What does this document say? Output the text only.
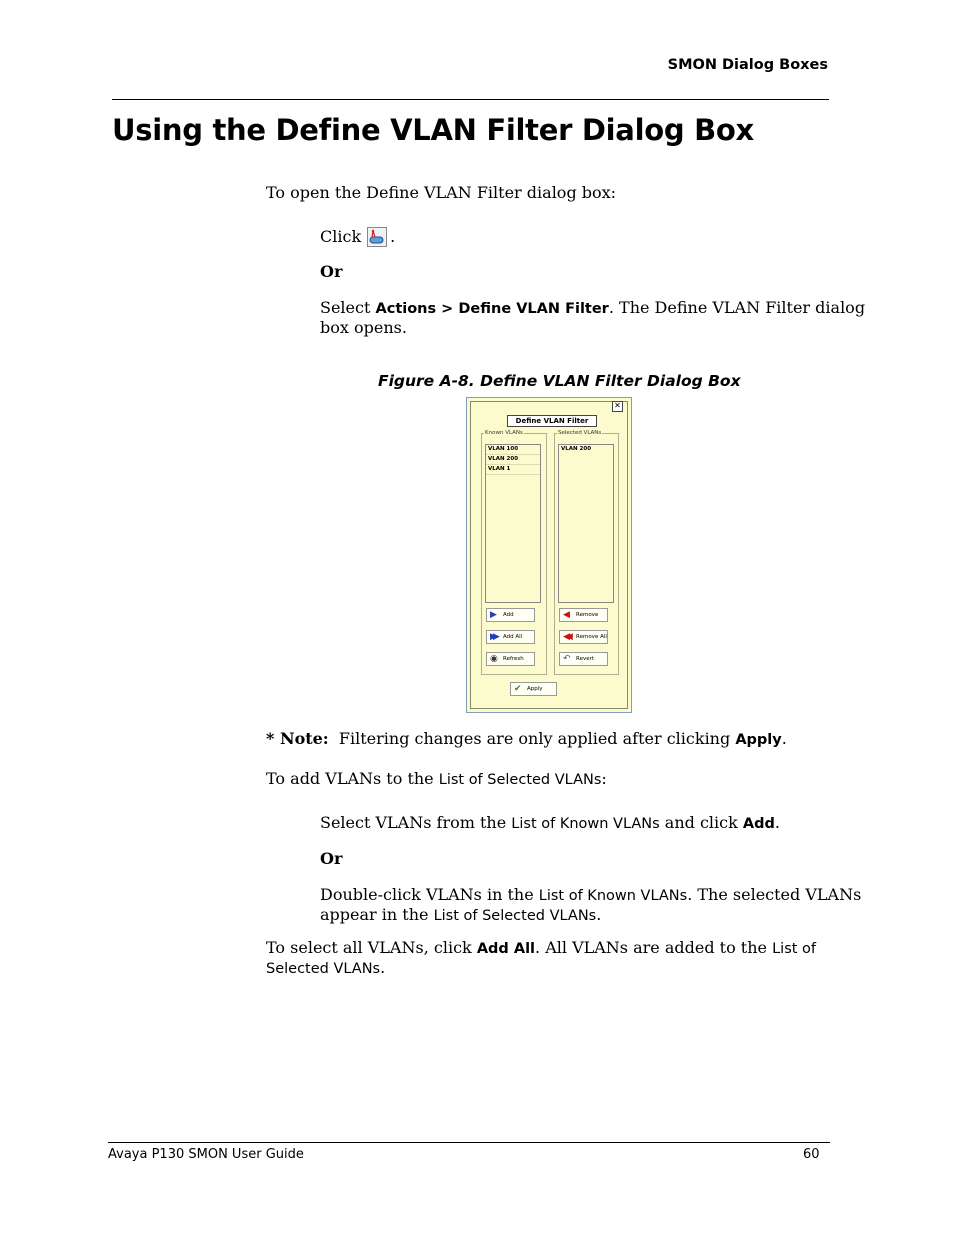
SMON Dialog Boxes
Using the Define VLAN Filter Dialog Box
To open the Define VLAN Filter dialog box:
Click .
Or
Select Actions > Define VLAN Filter. The Define VLAN Filter dialog
box opens.
Figure A-8. Define VLAN Filter Dialog Box
✕
Define VLAN Filter
Known VLANs
VLAN 100
VLAN 200
VLAN 1
▶ Add
▶▶ Add All
◉ Refresh
Selected VLANs
VLAN 200
◀ Remove
◀◀ Remove All
↶ Revert
✔ Apply
* Note:  Filtering changes are only applied after clicking Apply.
To add VLANs to the List of Selected VLANs:
Select VLANs from the List of Known VLANs and click Add.
Or
Double-click VLANs in the List of Known VLANs. The selected VLANs
appear in the List of Selected VLANs.
To select all VLANs, click Add All. All VLANs are added to the List of
Selected VLANs.
Avaya P130 SMON User Guide	60
